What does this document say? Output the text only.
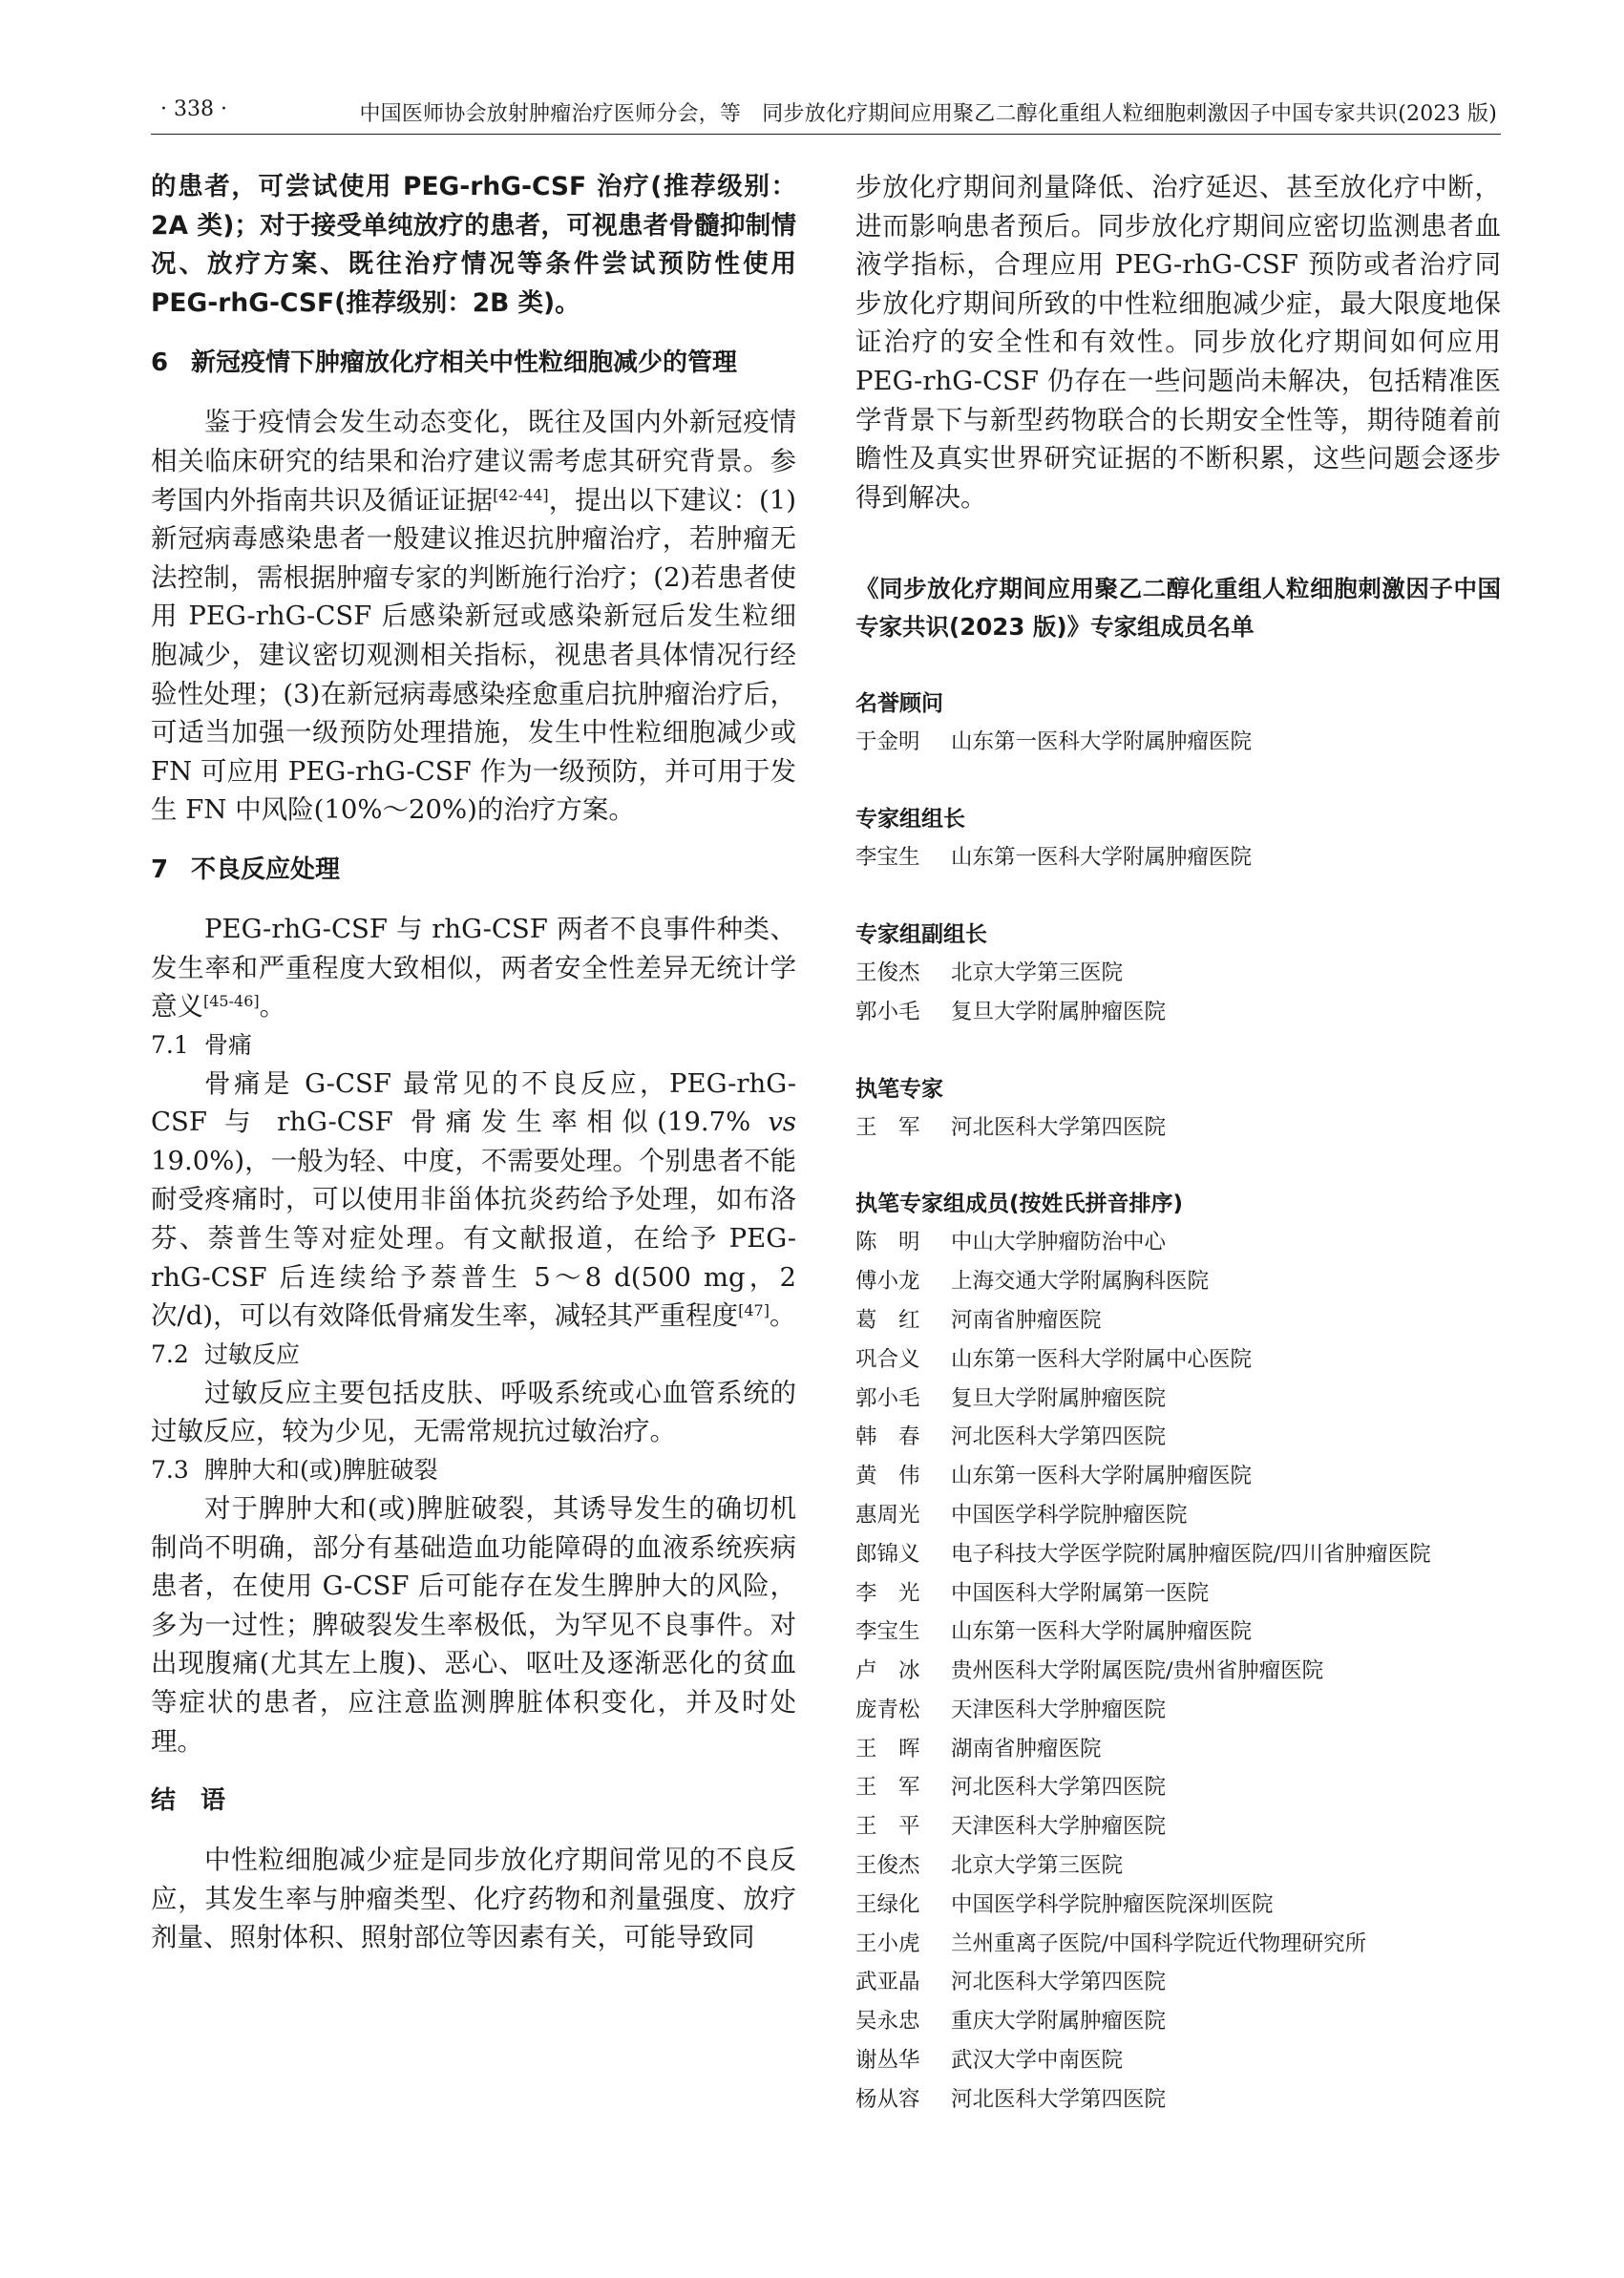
· 338 ·	中国医师协会放射肿瘤治疗医师分会，等　同步放化疗期间应用聚乙二醇化重组人粒细胞刺激因子中国专家共识(2023 版)

的患者，可尝试使用 PEG-rhG-CSF 治疗(推荐级别：2A 类)；对于接受单纯放疗的患者，可视患者骨髓抑制情况、放疗方案、既往治疗情况等条件尝试预防性使用 PEG-rhG-CSF(推荐级别：2B 类)。

6 新冠疫情下肿瘤放化疗相关中性粒细胞减少的管理

鉴于疫情会发生动态变化，既往及国内外新冠疫情相关临床研究的结果和治疗建议需考虑其研究背景。参考国内外指南共识及循证证据[42-44]，提出以下建议：(1)新冠病毒感染患者一般建议推迟抗肿瘤治疗，若肿瘤无法控制，需根据肿瘤专家的判断施行治疗；(2)若患者使用 PEG-rhG-CSF 后感染新冠或感染新冠后发生粒细胞减少，建议密切观测相关指标，视患者具体情况行经验性处理；(3)在新冠病毒感染痊愈重启抗肿瘤治疗后，可适当加强一级预防处理措施，发生中性粒细胞减少或 FN 可应用 PEG-rhG-CSF 作为一级预防，并可用于发生 FN 中风险(10%～20%)的治疗方案。

7 不良反应处理

PEG-rhG-CSF 与 rhG-CSF 两者不良事件种类、发生率和严重程度大致相似，两者安全性差异无统计学意义[45-46]。

7.1 骨痛

骨痛是 G-CSF 最常见的不良反应，PEG-rhG-CSF 与 rhG-CSF 骨痛发生率相似(19.7% vs 19.0%)，一般为轻、中度，不需要处理。个别患者不能耐受疼痛时，可以使用非甾体抗炎药给予处理，如布洛芬、萘普生等对症处理。有文献报道，在给予 PEG-rhG-CSF 后连续给予萘普生 5～8 d(500 mg，2 次/d)，可以有效降低骨痛发生率，减轻其严重程度[47]。

7.2 过敏反应

过敏反应主要包括皮肤、呼吸系统或心血管系统的过敏反应，较为少见，无需常规抗过敏治疗。

7.3 脾肿大和(或)脾脏破裂

对于脾肿大和(或)脾脏破裂，其诱导发生的确切机制尚不明确，部分有基础造血功能障碍的血液系统疾病患者，在使用 G-CSF 后可能存在发生脾肿大的风险，多为一过性；脾破裂发生率极低，为罕见不良事件。对出现腹痛(尤其左上腹)、恶心、呕吐及逐渐恶化的贫血等症状的患者，应注意监测脾脏体积变化，并及时处理。

结　语

中性粒细胞减少症是同步放化疗期间常见的不良反应，其发生率与肿瘤类型、化疗药物和剂量强度、放疗剂量、照射体积、照射部位等因素有关，可能导致同

步放化疗期间剂量降低、治疗延迟、甚至放化疗中断，进而影响患者预后。同步放化疗期间应密切监测患者血液学指标，合理应用 PEG-rhG-CSF 预防或者治疗同步放化疗期间所致的中性粒细胞减少症，最大限度地保证治疗的安全性和有效性。同步放化疗期间如何应用 PEG-rhG-CSF 仍存在一些问题尚未解决，包括精准医学背景下与新型药物联合的长期安全性等，期待随着前瞻性及真实世界研究证据的不断积累，这些问题会逐步得到解决。

《同步放化疗期间应用聚乙二醇化重组人粒细胞刺激因子中国专家共识(2023 版)》专家组成员名单

名誉顾问

于金明	山东第一医科大学附属肿瘤医院

专家组组长

李宝生	山东第一医科大学附属肿瘤医院

专家组副组长

王俊杰	北京大学第三医院
郭小毛	复旦大学附属肿瘤医院

执笔专家

王　军	河北医科大学第四医院

执笔专家组成员(按姓氏拼音排序)

陈　明	中山大学肿瘤防治中心
傅小龙	上海交通大学附属胸科医院
葛　红	河南省肿瘤医院
巩合义	山东第一医科大学附属中心医院
郭小毛	复旦大学附属肿瘤医院
韩　春	河北医科大学第四医院
黄　伟	山东第一医科大学附属肿瘤医院
惠周光	中国医学科学院肿瘤医院
郎锦义	电子科技大学医学院附属肿瘤医院/四川省肿瘤医院
李　光	中国医科大学附属第一医院
李宝生	山东第一医科大学附属肿瘤医院
卢　冰	贵州医科大学附属医院/贵州省肿瘤医院
庞青松	天津医科大学肿瘤医院
王　晖	湖南省肿瘤医院
王　军	河北医科大学第四医院
王　平	天津医科大学肿瘤医院
王俊杰	北京大学第三医院
王绿化	中国医学科学院肿瘤医院深圳医院
王小虎	兰州重离子医院/中国科学院近代物理研究所
武亚晶	河北医科大学第四医院
吴永忠	重庆大学附属肿瘤医院
谢丛华	武汉大学中南医院
杨从容	河北医科大学第四医院
